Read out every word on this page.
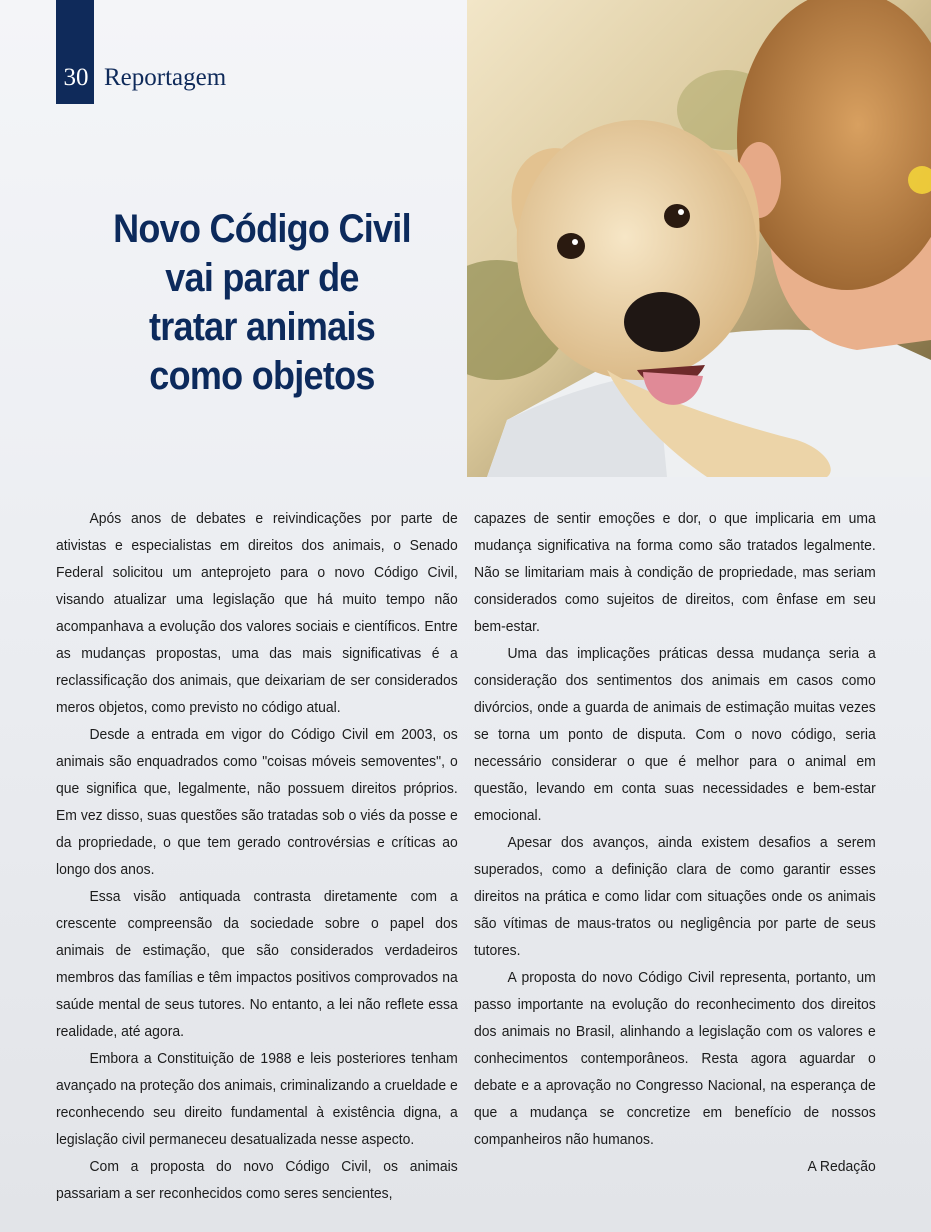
30 Reportagem
Novo Código Civil
vai parar de
tratar animais
como objetos

Após anos de debates e reivindicações por parte de ativistas e especialistas em direitos dos animais, o Senado Federal solicitou um anteprojeto para o novo Código Civil, visando atualizar uma legislação que há muito tempo não acompanhava a evolução dos valores sociais e científicos. Entre as mudanças propostas, uma das mais significativas é a reclassificação dos animais, que deixariam de ser considerados meros objetos, como previsto no código atual.

Desde a entrada em vigor do Código Civil em 2003, os animais são enquadrados como "coisas móveis semoventes", o que significa que, legalmente, não possuem direitos próprios. Em vez disso, suas questões são tratadas sob o viés da posse e da propriedade, o que tem gerado controvérsias e críticas ao longo dos anos.

Essa visão antiquada contrasta diretamente com a crescente compreensão da sociedade sobre o papel dos animais de estimação, que são considerados verdadeiros membros das famílias e têm impactos positivos comprovados na saúde mental de seus tutores. No entanto, a lei não reflete essa realidade, até agora.

Embora a Constituição de 1988 e leis posteriores tenham avançado na proteção dos animais, criminalizando a crueldade e reconhecendo seu direito fundamental à existência digna, a legislação civil permaneceu desatualizada nesse aspecto.

Com a proposta do novo Código Civil, os animais passariam a ser reconhecidos como seres sencientes,

capazes de sentir emoções e dor, o que implicaria em uma mudança significativa na forma como são tratados legalmente. Não se limitariam mais à condição de propriedade, mas seriam considerados como sujeitos de direitos, com ênfase em seu bem-estar.

Uma das implicações práticas dessa mudança seria a consideração dos sentimentos dos animais em casos como divórcios, onde a guarda de animais de estimação muitas vezes se torna um ponto de disputa. Com o novo código, seria necessário considerar o que é melhor para o animal em questão, levando em conta suas necessidades e bem-estar emocional.

Apesar dos avanços, ainda existem desafios a serem superados, como a definição clara de como garantir esses direitos na prática e como lidar com situações onde os animais são vítimas de maus-tratos ou negligência por parte de seus tutores.

A proposta do novo Código Civil representa, portanto, um passo importante na evolução do reconhecimento dos direitos dos animais no Brasil, alinhando a legislação com os valores e conhecimentos contemporâneos. Resta agora aguardar o debate e a aprovação no Congresso Nacional, na esperança de que a mudança se concretize em benefício de nossos companheiros não humanos.

A Redação
